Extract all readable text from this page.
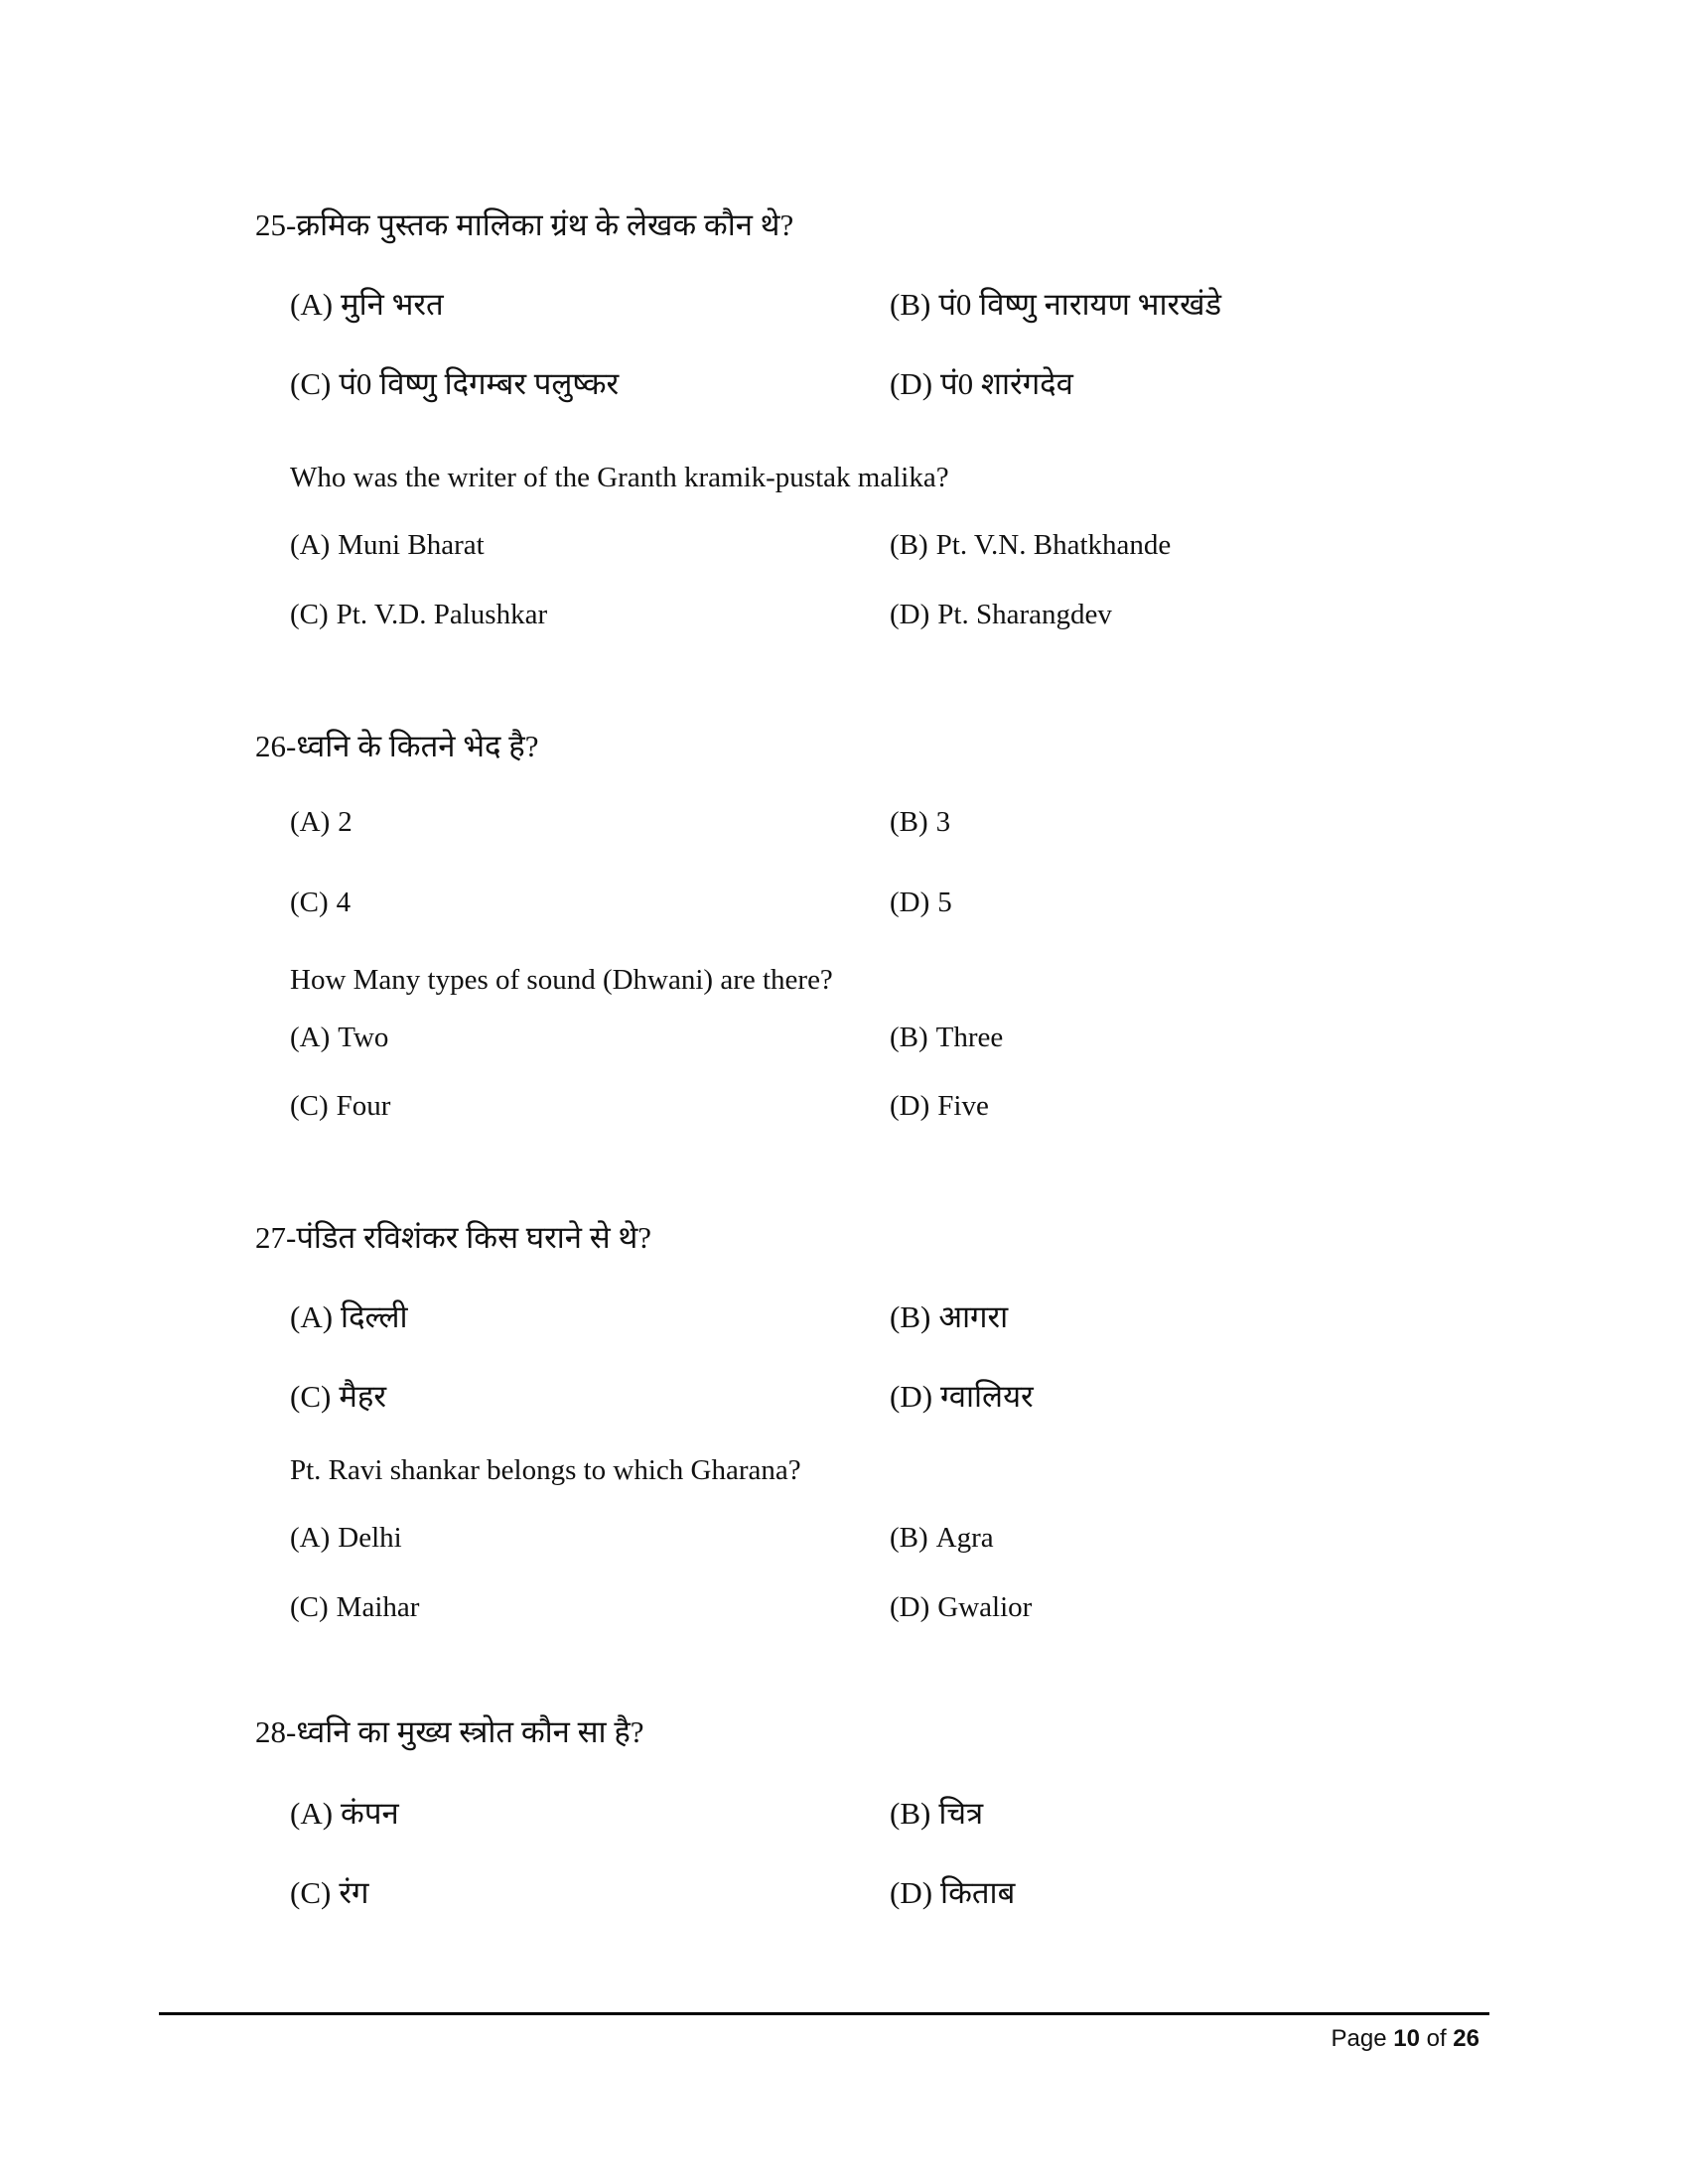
25-क्रमिक पुस्तक मालिका ग्रंथ के लेखक कौन थे?
(A) मुनि भरत	(B) पं0 विष्णु नारायण भारखंडे
(C) पं0 विष्णु दिगम्बर पलुष्कर	(D) पं0 शारंगदेव
Who was the writer of the Granth kramik-pustak malika?
(A) Muni Bharat	(B) Pt. V.N. Bhatkhande
(C) Pt. V.D. Palushkar	(D) Pt. Sharangdev
26-ध्वनि के कितने भेद है?
(A) 2	(B) 3
(C) 4	(D) 5
How Many types of sound (Dhwani) are there?
(A) Two	(B) Three
(C) Four	(D) Five
27-पंडित रविशंकर किस घराने से थे?
(A) दिल्ली	(B) आगरा
(C) मैहर	(D) ग्वालियर
Pt. Ravi shankar belongs to which Gharana?
(A) Delhi	(B) Agra
(C) Maihar	(D) Gwalior
28-ध्वनि का मुख्य स्त्रोत कौन सा है?
(A) कंपन	(B) चित्र
(C) रंग	(D) किताब
Page 10 of 26
